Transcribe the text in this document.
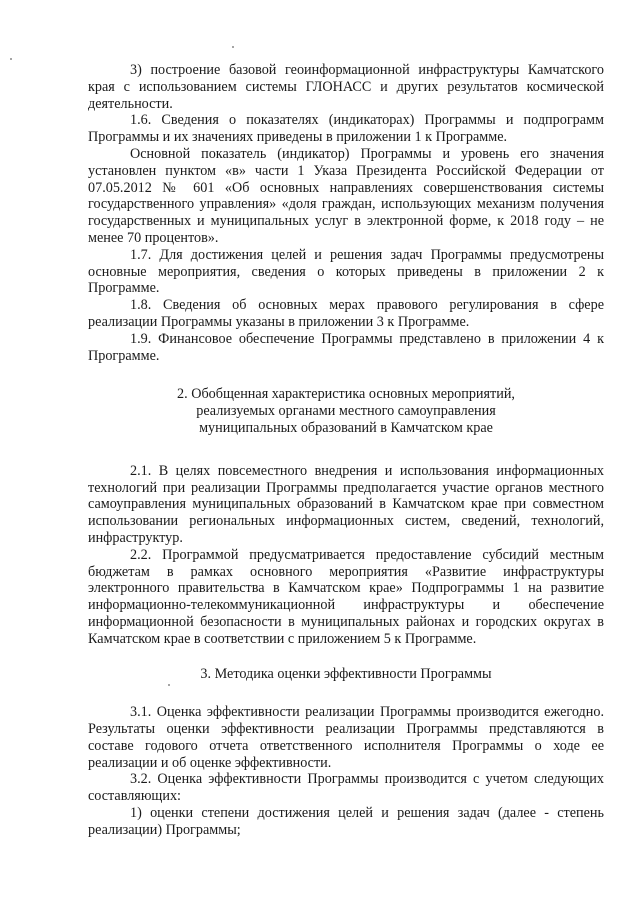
3) построение базовой геоинформационной инфраструктуры Камчатского края с использованием системы ГЛОНАСС и других результатов космической деятельности.

1.6. Сведения о показателях (индикаторах) Программы и подпрограмм Программы и их значениях приведены в приложении 1 к Программе.

Основной показатель (индикатор) Программы и уровень его значения установлен пунктом «в» части 1 Указа Президента Российской Федерации от 07.05.2012 № 601 «Об основных направлениях совершенствования системы государственного управления» «доля граждан, использующих механизм получения государственных и муниципальных услуг в электронной форме, к 2018 году – не менее 70 процентов».

1.7. Для достижения целей и решения задач Программы предусмотрены основные мероприятия, сведения о которых приведены в приложении 2 к Программе.

1.8. Сведения об основных мерах правового регулирования в сфере реализации Программы указаны в приложении 3 к Программе.

1.9. Финансовое обеспечение Программы представлено в приложении 4 к Программе.

2. Обобщенная характеристика основных мероприятий,
реализуемых органами местного самоуправления
муниципальных образований в Камчатском крае

2.1. В целях повсеместного внедрения и использования информационных технологий при реализации Программы предполагается участие органов местного самоуправления муниципальных образований в Камчатском крае при совместном использовании региональных информационных систем, сведений, технологий, инфраструктур.

2.2. Программой предусматривается предоставление субсидий местным бюджетам в рамках основного мероприятия «Развитие инфраструктуры электронного правительства в Камчатском крае» Подпрограммы 1 на развитие информационно-телекоммуникационной инфраструктуры и обеспечение информационной безопасности в муниципальных районах и городских округах в Камчатском крае в соответствии с приложением 5 к Программе.

3. Методика оценки эффективности Программы

3.1. Оценка эффективности реализации Программы производится ежегодно. Результаты оценки эффективности реализации Программы представляются в составе годового отчета ответственного исполнителя Программы о ходе ее реализации и об оценке эффективности.

3.2. Оценка эффективности Программы производится с учетом следующих составляющих:

1) оценки степени достижения целей и решения задач (далее - степень реализации) Программы;
